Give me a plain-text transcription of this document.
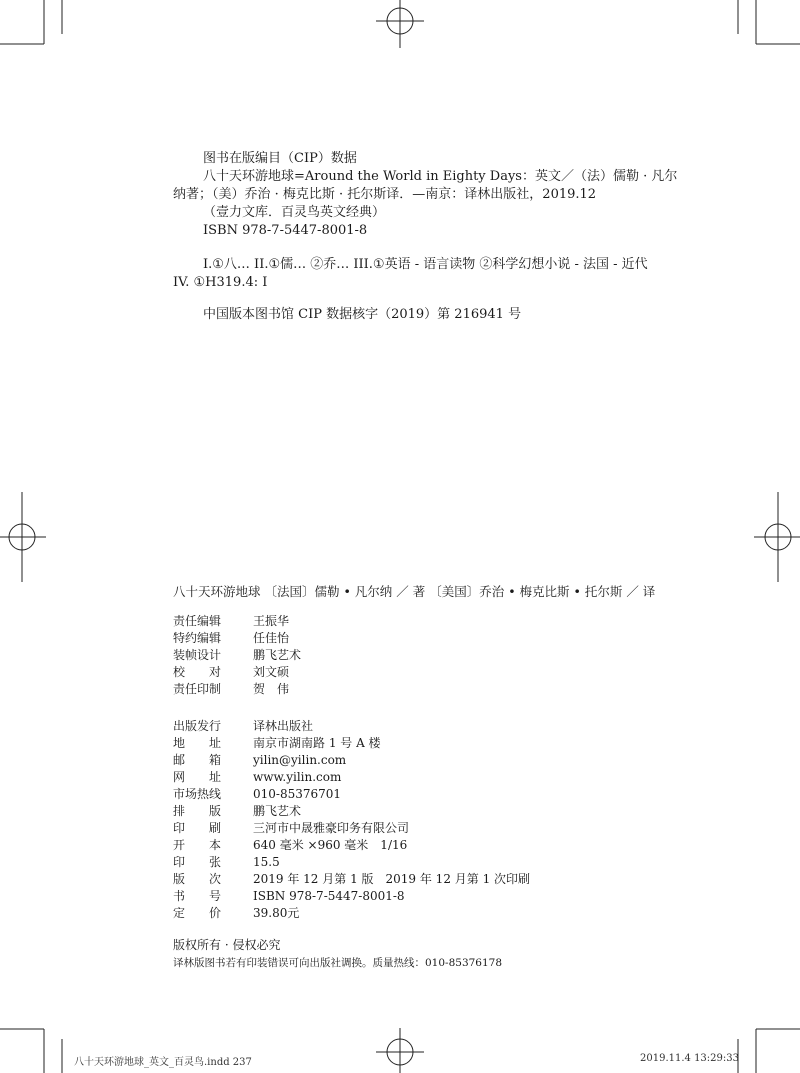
图书在版编目（CIP）数据
八十天环游地球=Around the World in Eighty Days：英文／（法）儒勒 · 凡尔
纳著；（美）乔治 · 梅克比斯 · 托尔斯译．—南京：译林出版社，2019.12
（壹力文库．百灵鸟英文经典）
ISBN 978-7-5447-8001-8
I.①八… II.①儒… ②乔… III.①英语 - 语言读物 ②科学幻想小说 - 法国 - 近代
IV. ①H319.4: I
中国版本图书馆 CIP 数据核字（2019）第 216941 号
八十天环游地球 〔法国〕儒勒 • 凡尔纳 ／ 著 〔美国〕乔治 • 梅克比斯 • 托尔斯 ／ 译
责任编辑	王振华
特约编辑	任佳怡
装帧设计	鹏飞艺术
校　　对	刘文硕
责任印制	贺　伟
出版发行	译林出版社
地　　址	南京市湖南路 1 号 A 楼
邮　　箱	yilin@yilin.com
网　　址	www.yilin.com
市场热线	010-85376701
排　　版	鹏飞艺术
印　　刷	三河市中晟雅豪印务有限公司
开　　本	640 毫米 ×960 毫米　1/16
印　　张	15.5
版　　次	2019 年 12 月第 1 版　2019 年 12 月第 1 次印刷
书　　号	ISBN 978-7-5447-8001-8
定　　价	39.80元
版权所有 · 侵权必究
译林版图书若有印装错误可向出版社调换。质量热线：010-85376178
八十天环游地球_英文_百灵鸟.indd 237	2019.11.4 13:29:33
